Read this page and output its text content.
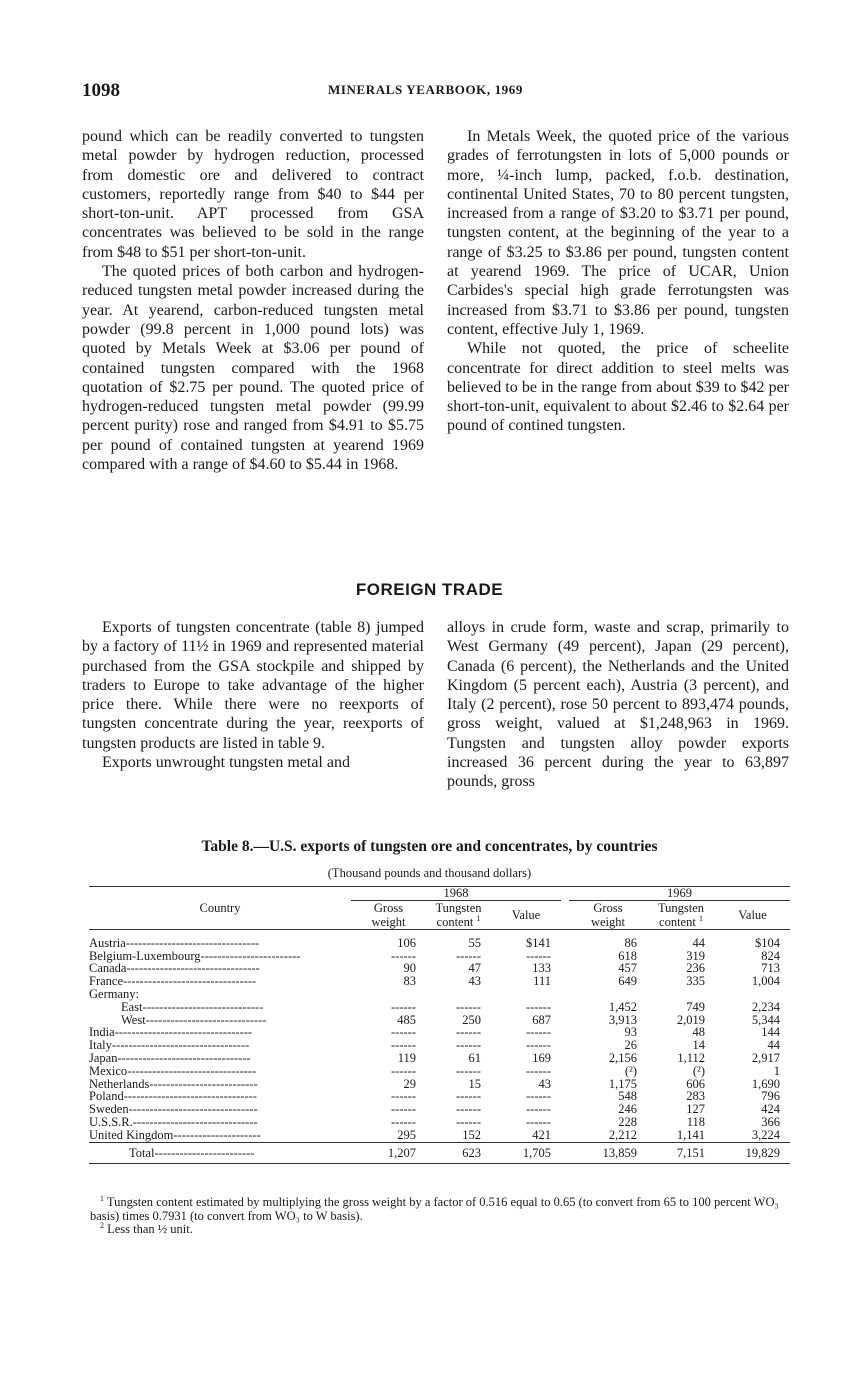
1098	MINERALS YEARBOOK, 1969

pound which can be readily converted to tungsten metal powder by hydrogen reduction, processed from domestic ore and delivered to contract customers, reportedly range from $40 to $44 per short-ton-unit. APT processed from GSA concentrates was believed to be sold in the range from $48 to $51 per short-ton-unit.

The quoted prices of both carbon and hydrogen-reduced tungsten metal powder increased during the year. At yearend, carbon-reduced tungsten metal powder (99.8 percent in 1,000 pound lots) was quoted by Metals Week at $3.06 per pound of contained tungsten compared with the 1968 quotation of $2.75 per pound. The quoted price of hydrogen-reduced tungsten metal powder (99.99 percent purity) rose and ranged from $4.91 to $5.75 per pound of contained tungsten at yearend 1969 compared with a range of $4.60 to $5.44 in 1968.

In Metals Week, the quoted price of the various grades of ferrotungsten in lots of 5,000 pounds or more, ¼-inch lump, packed, f.o.b. destination, continental United States, 70 to 80 percent tungsten, increased from a range of $3.20 to $3.71 per pound, tungsten content, at the beginning of the year to a range of $3.25 to $3.86 per pound, tungsten content at yearend 1969. The price of UCAR, Union Carbides's special high grade ferrotungsten was increased from $3.71 to $3.86 per pound, tungsten content, effective July 1, 1969.

While not quoted, the price of scheelite concentrate for direct addition to steel melts was believed to be in the range from about $39 to $42 per short-ton-unit, equivalent to about $2.46 to $2.64 per pound of contined tungsten.

FOREIGN TRADE

Exports of tungsten concentrate (table 8) jumped by a factory of 11½ in 1969 and represented material purchased from the GSA stockpile and shipped by traders to Europe to take advantage of the higher price there. While there were no reexports of tungsten concentrate during the year, reexports of tungsten products are listed in table 9.

Exports unwrought tungsten metal and

alloys in crude form, waste and scrap, primarily to West Germany (49 percent), Japan (29 percent), Canada (6 percent), the Netherlands and the United Kingdom (5 percent each), Austria (3 percent), and Italy (2 percent), rose 50 percent to 893,474 pounds, gross weight, valued at $1,248,963 in 1969. Tungsten and tungsten alloy powder exports increased 36 percent during the year to 63,897 pounds, gross

Table 8.—U.S. exports of tungsten ore and concentrates, by countries
(Thousand pounds and thousand dollars)
Country	1968				1969		
	Gross
weight	Tungsten
content $^1$	Value		Gross
weight	Tungsten
content $^1$	Value
Austria--------------------------------	106	55	$141		86	44	$104
Belgium-Luxembourg------------------------	------	------	------		618	319	824
Canada--------------------------------	90	47	133		457	236	713
France--------------------------------	83	43	111		649	335	1,004
Germany:							
East-----------------------------	------	------	------		1,452	749	2,234
West-----------------------------	485	250	687		3,913	2,019	5,344
India---------------------------------	------	------	------		93	48	144
Italy---------------------------------	------	------	------		26	14	44
Japan--------------------------------	119	61	169		2,156	1,112	2,917
Mexico-------------------------------	------	------	------		(²)	(²)	1
Netherlands--------------------------	29	15	43		1,175	606	1,690
Poland--------------------------------	------	------	------		548	283	796
Sweden-------------------------------	------	------	------		246	127	424
U.S.S.R.------------------------------	------	------	------		228	118	366
United Kingdom---------------------	295	152	421		2,212	1,141	3,224
Total------------------------	1,207	623	1,705		13,859	7,151	19,829

$^1$ Tungsten content estimated by multiplying the gross weight by a factor of 0.516 equal to 0.65 (to convert from 65 to 100 percent WO₃ basis) times 0.7931 (to convert from WO₃ to W basis).

$^2$ Less than ½ unit.
